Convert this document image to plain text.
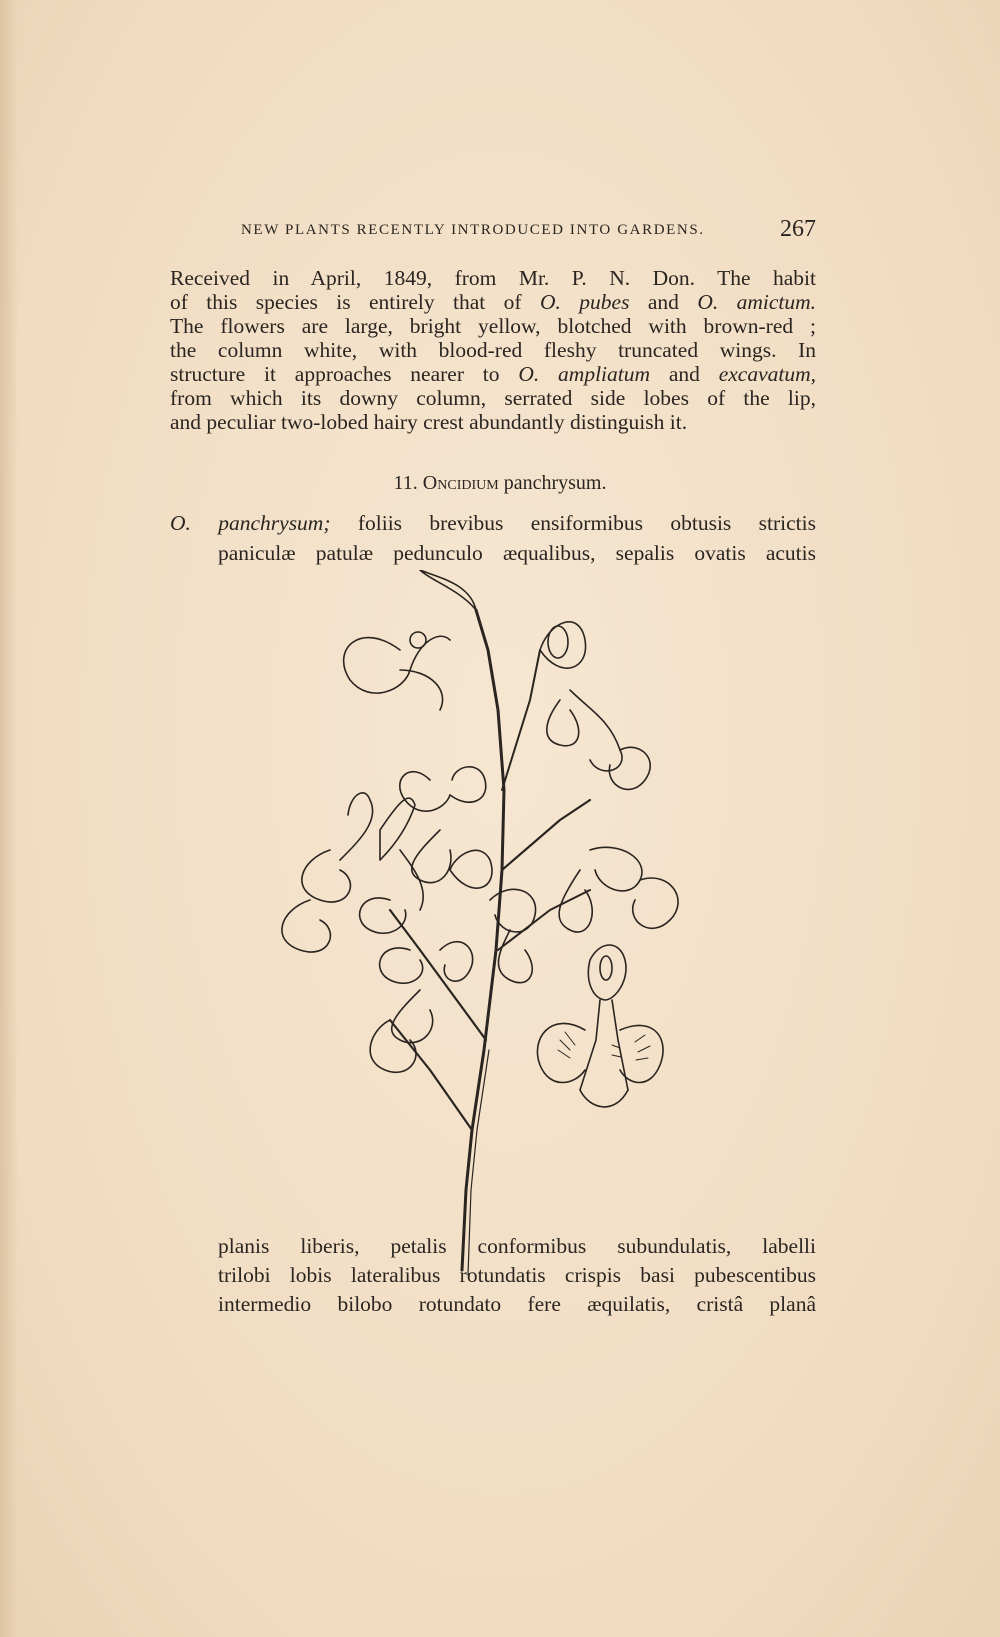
NEW PLANTS RECENTLY INTRODUCED INTO GARDENS.	267
Received in April, 1849, from Mr. P. N. Don. The habit
of this species is entirely that of O. pubes and O. amictum.
The flowers are large, bright yellow, blotched with brown-red ;
the column white, with blood-red fleshy truncated wings. In
structure it approaches nearer to O. ampliatum and excavatum,
from which its downy column, serrated side lobes of the lip,
and peculiar two-lobed hairy crest abundantly distinguish it.
11. Oncidium panchrysum.
O. panchrysum; foliis brevibus ensiformibus obtusis strictis
paniculæ patulæ pedunculo æqualibus, sepalis ovatis acutis
planis liberis, petalis conformibus subundulatis, labelli
trilobi lobis lateralibus rotundatis crispis basi pubescentibus
intermedio bilobo rotundato fere æquilatis, cristâ planâ
